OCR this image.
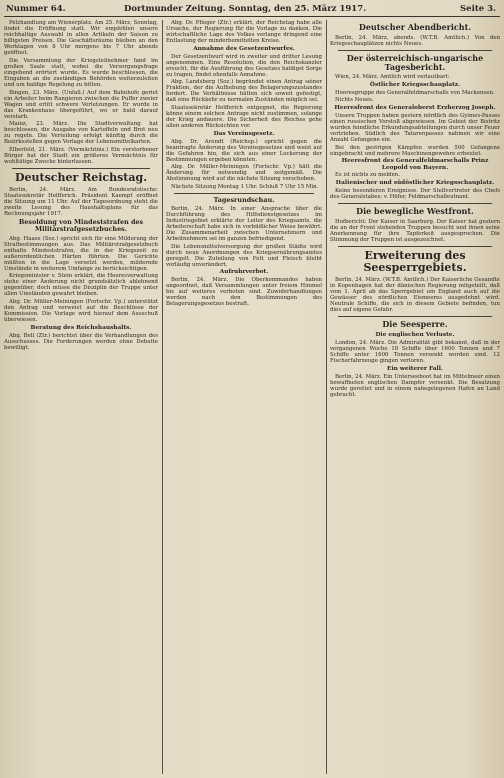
Nummer 64.	Dortmunder Zeitung. Sonntag, den 25. März 1917.	Seite 3.

Pelzhandlung am Wienerplatz. Am 25. März, Sonntag, findet die Eröffnung statt. Wir empfehlen unsere reichhaltige Auswahl in allen Artikeln der Saison zu billigsten Preisen. Die Geschäftsräume bleiben an den Werktagen von 8 Uhr morgens bis 7 Uhr abends geöffnet.

Die Versammlung der Kriegsteilnehmer fand im großen Saale statt, wobei die Versorgungsfrage eingehend erörtert wurde. Es wurde beschlossen, die Eingaben an die zuständigen Behörden weiterzuleiten und um baldige Regelung zu bitten.

Bingen, 23. März. (Unfall.) Auf dem Bahnhofe geriet ein Arbeiter beim Rangieren zwischen die Puffer zweier Wagen und erlitt schwere Verletzungen. Er wurde in das Krankenhaus übergeführt, wo er bald darauf verstarb.

Mainz, 23. März. Die Stadtverwaltung hat beschlossen, die Ausgabe von Kartoffeln und Brot neu zu regeln. Die Verteilung erfolgt künftig durch die Bezirksstellen gegen Vorlage der Lebensmittelkarten.

Elberfeld, 21. März. (Vermächtnis.) Ein verstorbener Bürger hat der Stadt ein größeres Vermächtnis für wohltätige Zwecke hinterlassen.

Deutscher Reichstag.

Berlin, 24. März. Am Bundesratstische: Staatssekretär Helfferich. Präsident Kaempf eröffnet die Sitzung um 11 Uhr. Auf der Tagesordnung steht die zweite Lesung des Haushaltsplans für das Rechnungsjahr 1917.

Besoldung von Mindeststrafen des Militärstrafgesetzbuches.

Abg. Haase (Soz.) spricht sich für eine Milderung der Strafbestimmungen aus. Das Militärstrafgesetzbuch enthalte Mindeststrafen, die in der Kriegszeit zu außerordentlichen Härten führten. Die Gerichte müßten in die Lage versetzt werden, mildernde Umstände in weiterem Umfange zu berücksichtigen.

Kriegsminister v. Stein erklärt, die Heeresverwaltung stehe einer Änderung nicht grundsätzlich ablehnend gegenüber, doch müsse die Disziplin der Truppe unter allen Umständen gewahrt bleiben.

Abg. Dr. Müller-Meiningen (Fortschr. Vp.) unterstützt den Antrag und verweist auf die Beschlüsse der Kommission. Die Vorlage wird hierauf dem Ausschuß überwiesen.

Beratung des Reichshaushalts.

Abg. Bell (Ztr.) berichtet über die Verhandlungen des Ausschusses. Die Forderungen werden ohne Debatte bewilligt.

Abg. Dr. Pfleger (Ztr.) erklärt, der Reichstag habe alle Ursache, der Regierung für die Vorlage zu danken. Die wirtschaftliche Lage des Volkes verlange dringend eine Entlastung der minderbemittelten Kreise.

Annahme des Gesetzentwurfes.

Der Gesetzentwurf wird in zweiter und dritter Lesung angenommen. Eine Resolution, die den Reichskanzler ersucht, für die Ausführung des Gesetzes baldigst Sorge zu tragen, findet ebenfalls Annahme.

Abg. Landsberg (Soz.) begründet einen Antrag seiner Fraktion, der die Aufhebung des Belagerungszustandes fordert. Die Verhältnisse hätten sich soweit gefestigt, daß eine Rückkehr zu normalen Zuständen möglich sei.

Staatssekretär Helfferich entgegnet, die Regierung könne einem solchen Antrage nicht zustimmen, solange der Krieg andauere. Die Sicherheit des Reiches gehe allen anderen Rücksichten vor.

Das Vereinsgesetz.

Abg. Dr. Arendt (Reichsp.) spricht gegen die beantragte Änderung des Vereinsgesetzes und weist auf die Gefahren hin, die sich aus einer Lockerung der Bestimmungen ergeben könnten.

Abg. Dr. Müller-Meiningen (Fortschr. Vp.) hält die Änderung für notwendig und zeitgemäß. Die Abstimmung wird auf die nächste Sitzung verschoben.

Nächste Sitzung Montag 1 Uhr. Schluß 7 Uhr 15 Min.

Tagesrundschau.

Berlin, 24. März. In einer Ansprache über die Durchführung des Hilfsdienstgesetzes im Industriegebiet erklärte der Leiter des Kriegsamts, die Arbeiterschaft habe sich in vorbildlicher Weise bewährt. Die Zusammenarbeit zwischen Unternehmern und Arbeitnehmern sei im ganzen befriedigend.

Die Lebensmittelversorgung der großen Städte wird durch neue Anordnungen des Kriegsernährungsamtes geregelt. Die Zuteilung von Fett und Fleisch bleibt vorläufig unverändert.

Aufruhrverbot.

Berlin, 24. März. Die Oberkommandos haben angeordnet, daß Versammlungen unter freiem Himmel bis auf weiteres verboten sind. Zuwiderhandlungen werden nach den Bestimmungen des Belagerungsgesetzes bestraft.

Deutscher Abendbericht.

Berlin, 24. März, abends. (W.T.B. Amtlich.) Von den Kriegsschauplätzen nichts Neues.

Der österreichisch-ungarische Tagesbericht.

Wien, 24. März. Amtlich wird verlautbart:

Östlicher Kriegsschauplatz.

Heeresgruppe des Generalfeldmarschalls von Mackensen.

Nichts Neues.

Heeresfront des Generaloberst Erzherzog Joseph.

Unsere Truppen haben gestern nördlich des Gyimes-Passes einen russischen Vorstoß abgewiesen. Im Gebiet der Bistritz wurden feindliche Erkundungsabteilungen durch unser Feuer vertrieben. Südlich des Tatarenpasses nahmen wir eine Anzahl Gefangene ein.

Bei den gestrigen Kämpfen wurden 500 Gefangene eingebracht und mehrere Maschinengewehre erbeutet.

Heeresfront des Generalfeldmarschalls Prinz Leopold von Bayern.

Es ist nichts zu melden.

Italienischer und südöstlicher Kriegsschauplatz.

Keine besonderen Ereignisse. Der Stellvertreter des Chefs des Generalstabes: v. Höfer, Feldmarschalleutnant.

Die bewegliche Westfront.

Hofbericht: Der Kaiser in Saarburg. Der Kaiser hat gestern die an der Front stehenden Truppen besucht und ihnen seine Anerkennung für ihre Tapferkeit ausgesprochen. Die Stimmung der Truppen ist ausgezeichnet.

Erweiterung des Seesperrgebiets.

Berlin, 24. März. (W.T.B. Amtlich.) Der Kaiserliche Gesandte in Kopenhagen hat der dänischen Regierung mitgeteilt, daß vom 1. April ab das Sperrgebiet um England auch auf die Gewässer des nördlichen Eismeeres ausgedehnt wird. Neutrale Schiffe, die sich in diesem Gebiete befinden, tun dies auf eigene Gefahr.

Die Seesperre.
Die englischen Verluste.

London, 24. März. Die Admiralität gibt bekannt, daß in der vergangenen Woche 18 Schiffe über 1600 Tonnen und 7 Schiffe unter 1600 Tonnen versenkt worden sind. 12 Fischerfahrzeuge gingen verloren.

Ein weiterer Fall.

Berlin, 24. März. Ein Unterseeboot hat im Mittelmeer einen bewaffneten englischen Dampfer versenkt. Die Besatzung wurde gerettet und in einem nahegelegenen Hafen an Land gebracht.
